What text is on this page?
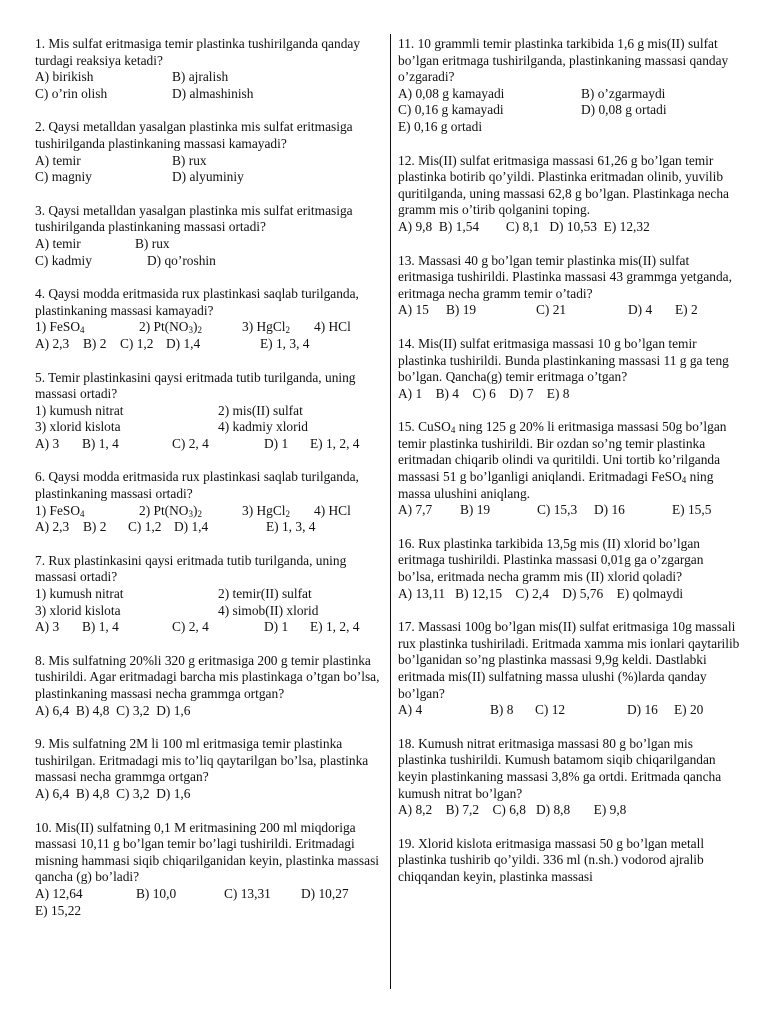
1. Mis sulfat eritmasiga temir plastinka tushirilganda qanday turdagi reaksiya ketadi?

A) birikish	B) ajralish
C) o’rin olish	D) almashinish

2. Qaysi metalldan yasalgan plastinka mis sulfat eritmasiga tushirilganda plastinkaning massasi kamayadi?

A) temir	B) rux
C) magniy	D) alyuminiy

3. Qaysi metalldan yasalgan plastinka mis sulfat eritmasiga tushirilganda plastinkaning massasi ortadi?

A) temir	B) rux
C) kadmiy	D) qo’roshin

4. Qaysi modda eritmasida rux plastinkasi saqlab turilganda, plastinkaning massasi kamayadi?

1) FeSO$_4$	2) $Pt(NO_3)_2$	3) HgCl$_2$	4) HCl
A) 2,3	B) 2	C) 1,2 D) 1,4	E) 1, 3, 4

5. Temir plastinkasini qaysi eritmada tutib turilganda, uning massasi ortadi?

1) kumush nitrat	2) mis(II) sulfat
3) xlorid kislota	4) kadmiy xlorid
A) 3	B) 1, 4	C) 2, 4	D) 1	E) 1, 2, 4

6. Qaysi modda eritmasida rux plastinkasi saqlab turilganda, plastinkaning massasi ortadi?

1) FeSO$_4$	2) $Pt(NO_3)_2$	3) HgCl$_2$	4) HCl
A) 2,3	B) 2	C) 1,2 D) 1,4	E) 1, 3, 4

7. Rux plastinkasini qaysi eritmada tutib turilganda, uning massasi ortadi?

1) kumush nitrat	2) temir(II) sulfat
3) xlorid kislota	4) simob(II) xlorid
A) 3	B) 1, 4	C) 2, 4	D) 1	E) 1, 2, 4

8. Mis sulfatning 20%li 320 g eritmasiga 200 g temir plastinka tushirildi. Agar eritmadagi barcha mis plastinkaga o’tgan bo’lsa, plastinkaning massasi necha grammga ortgan?

A) 6,4  B) 4,8  C) 3,2  D) 1,6

9. Mis sulfatning 2M li 100 ml eritmasiga temir plastinka tushirilgan. Eritmadagi mis to’liq qaytarilgan bo’lsa, plastinka massasi necha grammga ortgan?

A) 6,4  B) 4,8  C) 3,2  D) 1,6

10. Mis(II) sulfatning 0,1 M eritmasining 200 ml miqdoriga massasi 10,11 g bo’lgan temir bo’lagi tushirildi. Eritmadagi misning hammasi siqib chiqarilganidan keyin, plastinka massasi qancha (g) bo’ladi?

A) 12,64	B) 10,0	C) 13,31	D) 10,27
E) 15,22

11. 10 grammli temir plastinka tarkibida 1,6 g mis(II) sulfat bo’lgan eritmaga tushirilganda, plastinkaning massasi qanday o’zgaradi?

A) 0,08 g kamayadi	B) o’zgarmaydi
C) 0,16 g kamayadi	D) 0,08 g ortadi
E) 0,16 g ortadi

12. Mis(II) sulfat eritmasiga massasi 61,26 g bo’lgan temir plastinka botirib qo’yildi. Plastinka eritmadan olinib, yuvilib quritilganda, uning massasi 62,8 g bo’lgan. Plastinkaga necha gramm mis o’tirib qolganini toping.

A) 9,8  B) 1,54        C) 8,1   D) 10,53  E) 12,32

13. Massasi 40 g bo’lgan temir plastinka mis(II) sulfat eritmasiga tushirildi. Plastinka massasi 43 grammga yetganda, eritmaga necha gramm temir o’tadi?

A) 15	B) 19	C) 21	D) 4	E) 2

14. Mis(II) sulfat eritmasiga massasi 10 g bo’lgan temir plastinka tushirildi. Bunda plastinkaning massasi 11 g ga teng bo’lgan. Qancha(g) temir eritmaga o’tgan?

A) 1    B) 4    C) 6    D) 7    E) 8

15. CuSO$_4$ ning 125 g 20% li eritmasiga massasi 50g bo’lgan temir plastinka tushirildi. Bir ozdan so’ng temir plastinka eritmadan chiqarib olindi va quritildi. Uni tortib ko’rilganda massasi 51 g bo’lganligi aniqlandi. Eritmadagi FeSO$_4$ ning massa ulushini aniqlang.

A) 7,7	B) 19	C) 15,3	D) 16	E) 15,5

16. Rux plastinka tarkibida 13,5g mis (II) xlorid bo’lgan eritmaga tushirildi. Plastinka massasi 0,01g ga o’zgargan bo’lsa, eritmada necha gramm mis (II) xlorid qoladi?

A) 13,11   B) 12,15    C) 2,4    D) 5,76    E) qolmaydi

17. Massasi 100g bo’lgan mis(II) sulfat eritmasiga 10g massali rux plastinka tushiriladi. Eritmada xamma mis ionlari qaytarilib bo’lganidan so’ng plastinka massasi 9,9g keldi. Dastlabki eritmada mis(II) sulfatning massa ulushi (%)larda qanday bo’lgan?

A) 4	B) 8	C) 12	D) 16	E) 20

18. Kumush nitrat eritmasiga massasi 80 g bo’lgan mis plastinka tushirildi. Kumush batamom siqib chiqarilgandan keyin plastinkaning massasi 3,8% ga ortdi. Eritmada qancha kumush nitrat bo’lgan?

A) 8,2    B) 7,2    C) 6,8   D) 8,8       E) 9,8

19. Xlorid kislota eritmasiga massasi 50 g bo’lgan metall plastinka tushirib qo’yildi. 336 ml (n.sh.) vodorod ajralib chiqqandan keyin, plastinka massasi
